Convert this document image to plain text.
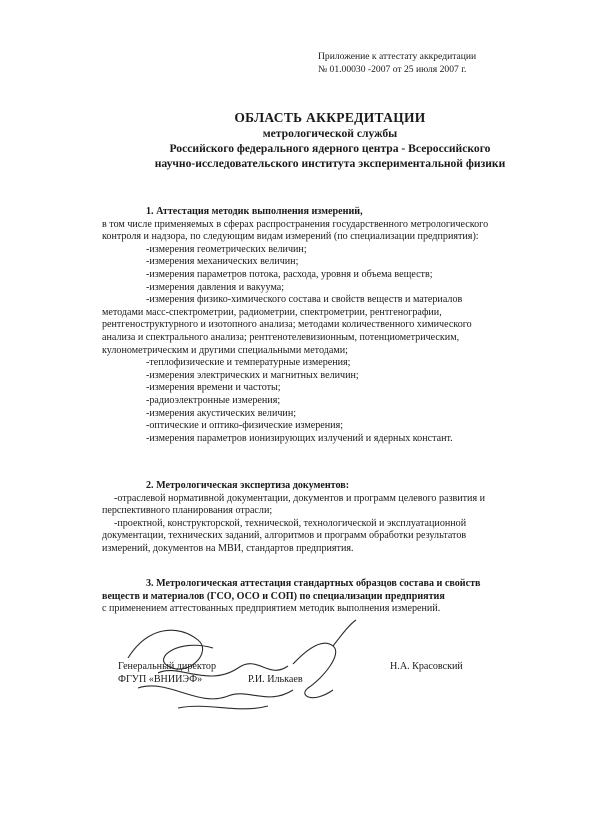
Приложение к аттестату аккредитации
№ 01.00030 -2007 от 25 июля 2007 г.
ОБЛАСТЬ АККРЕДИТАЦИИ
метрологической службы
Российского федерального ядерного центра - Всероссийского
научно-исследовательского института экспериментальной физики
1. Аттестация методик выполнения измерений,
в том числе применяемых в сферах распространения государственного метрологического
контроля и надзора, по следующим видам измерений (по специализации предприятия):
-измерения геометрических величин;
-измерения механических величин;
-измерения параметров потока, расхода, уровня и объема веществ;
-измерения давления и вакуума;
-измерения физико-химического состава и свойств веществ и материалов
методами масс-спектрометрии, радиометрии, спектрометрии, рентгенографии,
рентгеноструктурного и изотопного анализа; методами количественного химического
анализа и спектрального анализа; рентгенотелевизионным, потенциометрическим,
кулонометрическим и другими специальными методами;
-теплофизические и температурные измерения;
-измерения электрических и магнитных величин;
-измерения времени и частоты;
-радиоэлектронные измерения;
-измерения акустических величин;
-оптические и оптико-физические измерения;
-измерения параметров ионизирующих излучений и ядерных констант.
2. Метрологическая экспертиза документов:
-отраслевой нормативной документации, документов и программ целевого развития и
перспективного планирования отрасли;
-проектной, конструкторской, технической, технологической и эксплуатационной
документации, технических заданий, алгоритмов и программ обработки результатов
измерений, документов на МВИ, стандартов предприятия.
3. Метрологическая аттестация стандартных образцов состава и свойств
веществ и материалов (ГСО, ОСО и СОП) по специализации предприятия
с применением аттестованных предприятием методик выполнения измерений.
Генеральный директор
ФГУП «ВНИИЭФ»	Р.И. Илькаев
Н.А. Красовский
